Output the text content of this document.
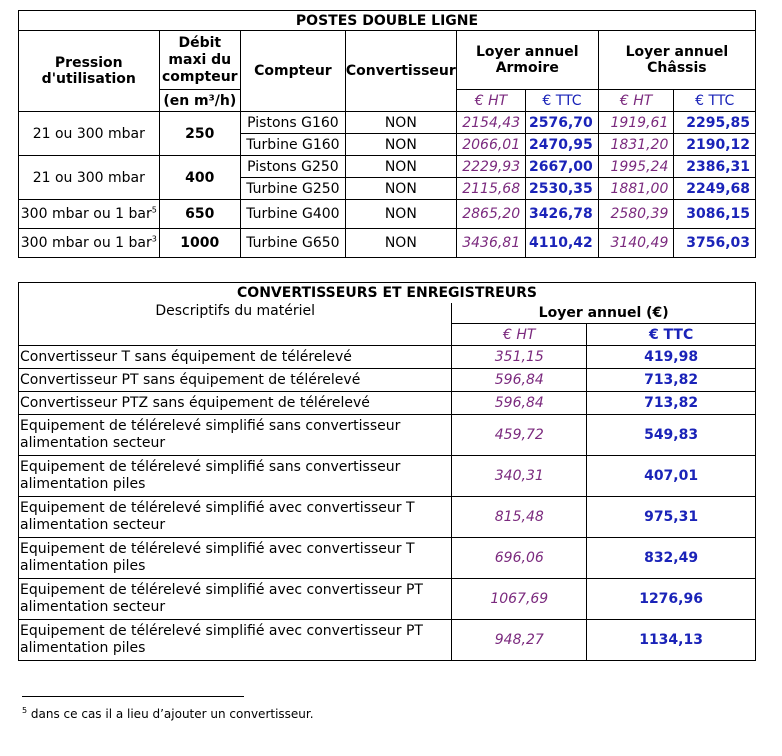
POSTES DOUBLE LIGNE							
Pression d'utilisation	Débit maxi du compteur	Compteur	Convertisseur	Loyer annuel Armoire		Loyer annuel Châssis	
	(en m³/h)			€ HT	€ TTC	€ HT	€ TTC
21 ou 300 mbar	250	Pistons G160	NON	2154,43	2576,70	1919,61	2295,85
		Turbine G160	NON	2066,01	2470,95	1831,20	2190,12
21 ou 300 mbar	400	Pistons G250	NON	2229,93	2667,00	1995,24	2386,31
		Turbine G250	NON	2115,68	2530,35	1881,00	2249,68
300 mbar ou 1 bar$^5$	650	Turbine G400	NON	2865,20	3426,78	2580,39	3086,15
300 mbar ou 1 bar$^3$	1000	Turbine G650	NON	3436,81	4110,42	3140,49	3756,03
CONVERTISSEURS ET ENREGISTREURS		
Descriptifs du matériel	Loyer annuel (€)	
	€ HT	€ TTC
Convertisseur T sans équipement de télérelevé	351,15	419,98
Convertisseur PT sans équipement de télérelevé	596,84	713,82
Convertisseur PTZ sans équipement de télérelevé	596,84	713,82
Equipement de télérelevé simplifié sans convertisseur
alimentation secteur	459,72	549,83
Equipement de télérelevé simplifié sans convertisseur
alimentation piles	340,31	407,01
Equipement de télérelevé simplifié avec convertisseur T
alimentation secteur	815,48	975,31
Equipement de télérelevé simplifié avec convertisseur T
alimentation piles	696,06	832,49
Equipement de télérelevé simplifié avec convertisseur PT
alimentation secteur	1067,69	1276,96
Equipement de télérelevé simplifié avec convertisseur PT
alimentation piles	948,27	1134,13
$^5$ dans ce cas il a lieu d’ajouter un convertisseur.
